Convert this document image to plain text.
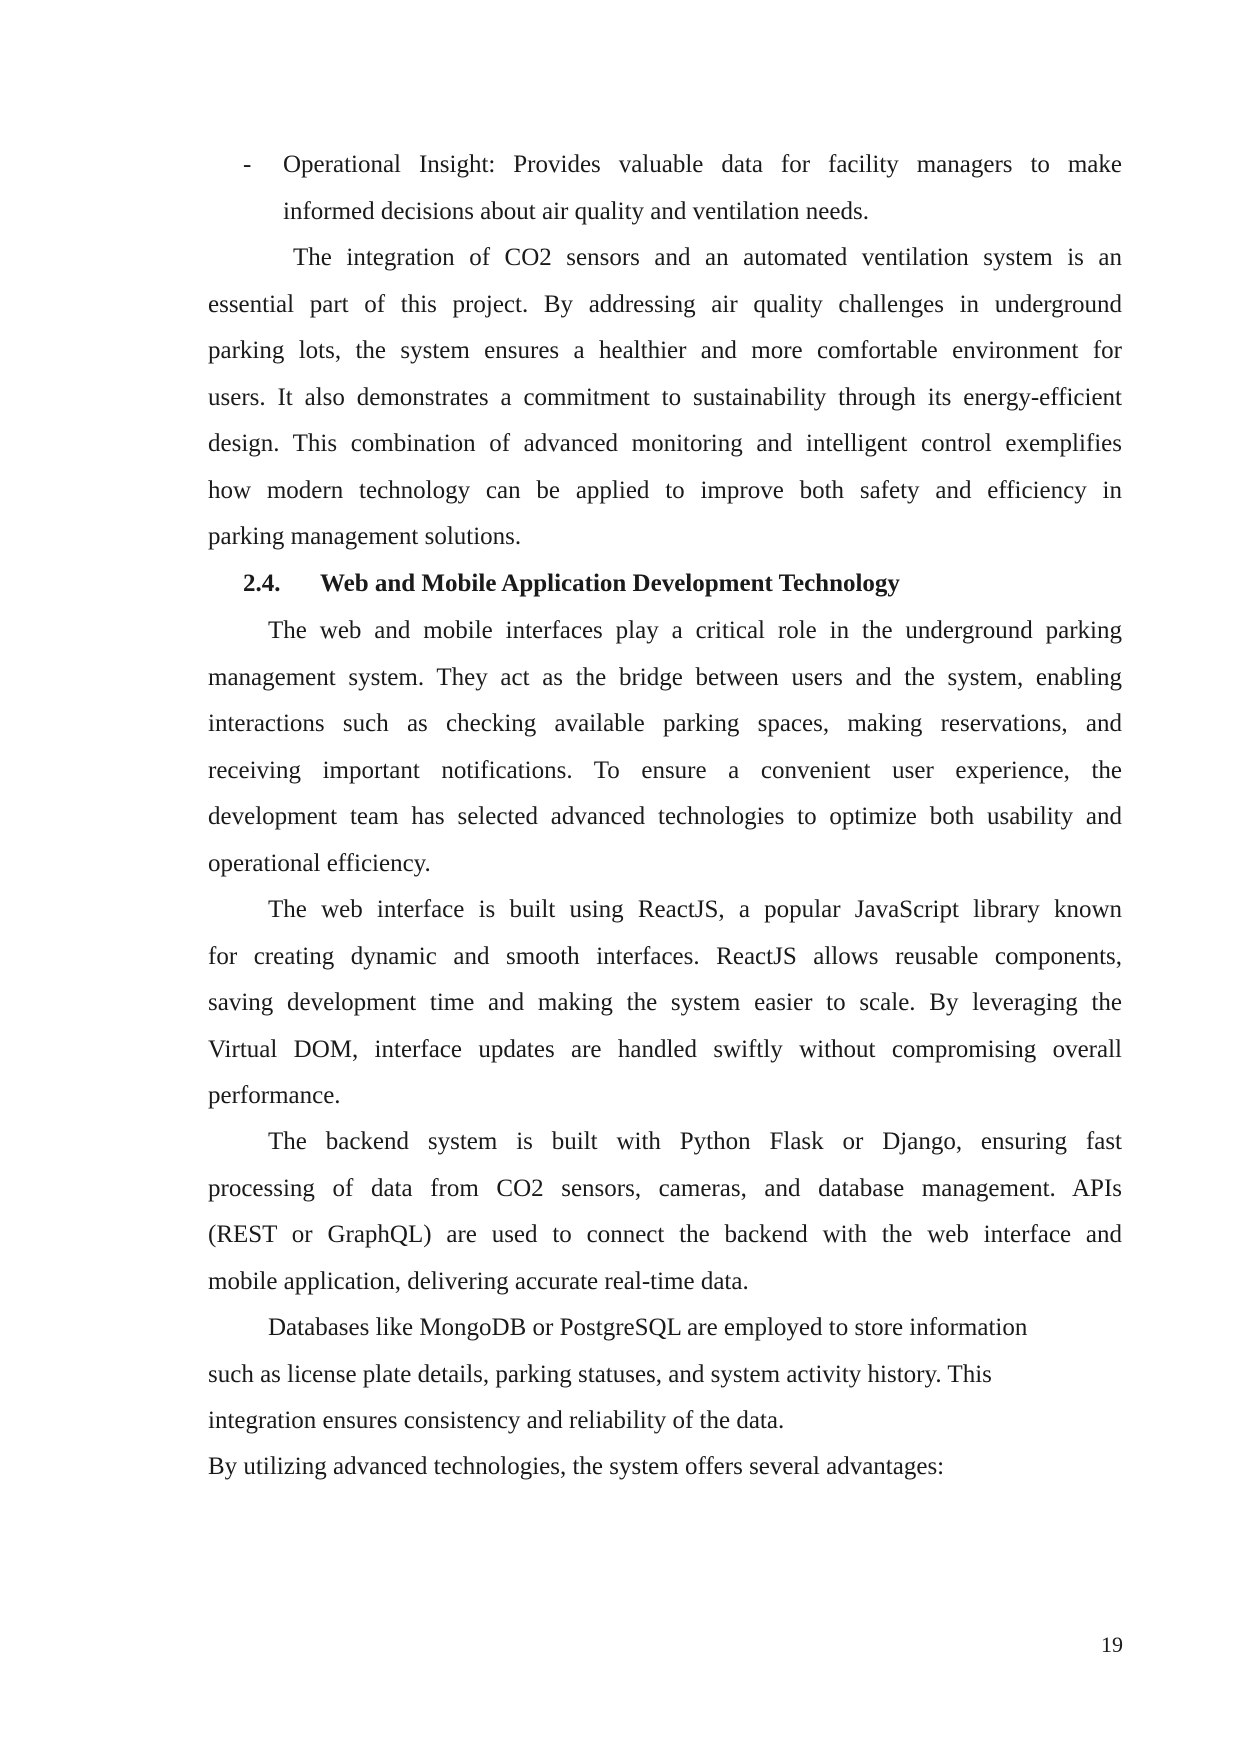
- Operational Insight: Provides valuable data for facility managers to make
informed decisions about air quality and ventilation needs.
The integration of CO2 sensors and an automated ventilation system is an
essential part of this project. By addressing air quality challenges in underground
parking lots, the system ensures a healthier and more comfortable environment for
users. It also demonstrates a commitment to sustainability through its energy-efficient
design. This combination of advanced monitoring and intelligent control exemplifies
how modern technology can be applied to improve both safety and efficiency in
parking management solutions.
2.4. Web and Mobile Application Development Technology
The web and mobile interfaces play a critical role in the underground parking
management system. They act as the bridge between users and the system, enabling
interactions such as checking available parking spaces, making reservations, and
receiving important notifications. To ensure a convenient user experience, the
development team has selected advanced technologies to optimize both usability and
operational efficiency.
The web interface is built using ReactJS, a popular JavaScript library known
for creating dynamic and smooth interfaces. ReactJS allows reusable components,
saving development time and making the system easier to scale. By leveraging the
Virtual DOM, interface updates are handled swiftly without compromising overall
performance.
The backend system is built with Python Flask or Django, ensuring fast
processing of data from CO2 sensors, cameras, and database management. APIs
(REST or GraphQL) are used to connect the backend with the web interface and
mobile application, delivering accurate real-time data.
Databases like MongoDB or PostgreSQL are employed to store information
such as license plate details, parking statuses, and system activity history. This
integration ensures consistency and reliability of the data.
By utilizing advanced technologies, the system offers several advantages:
19
